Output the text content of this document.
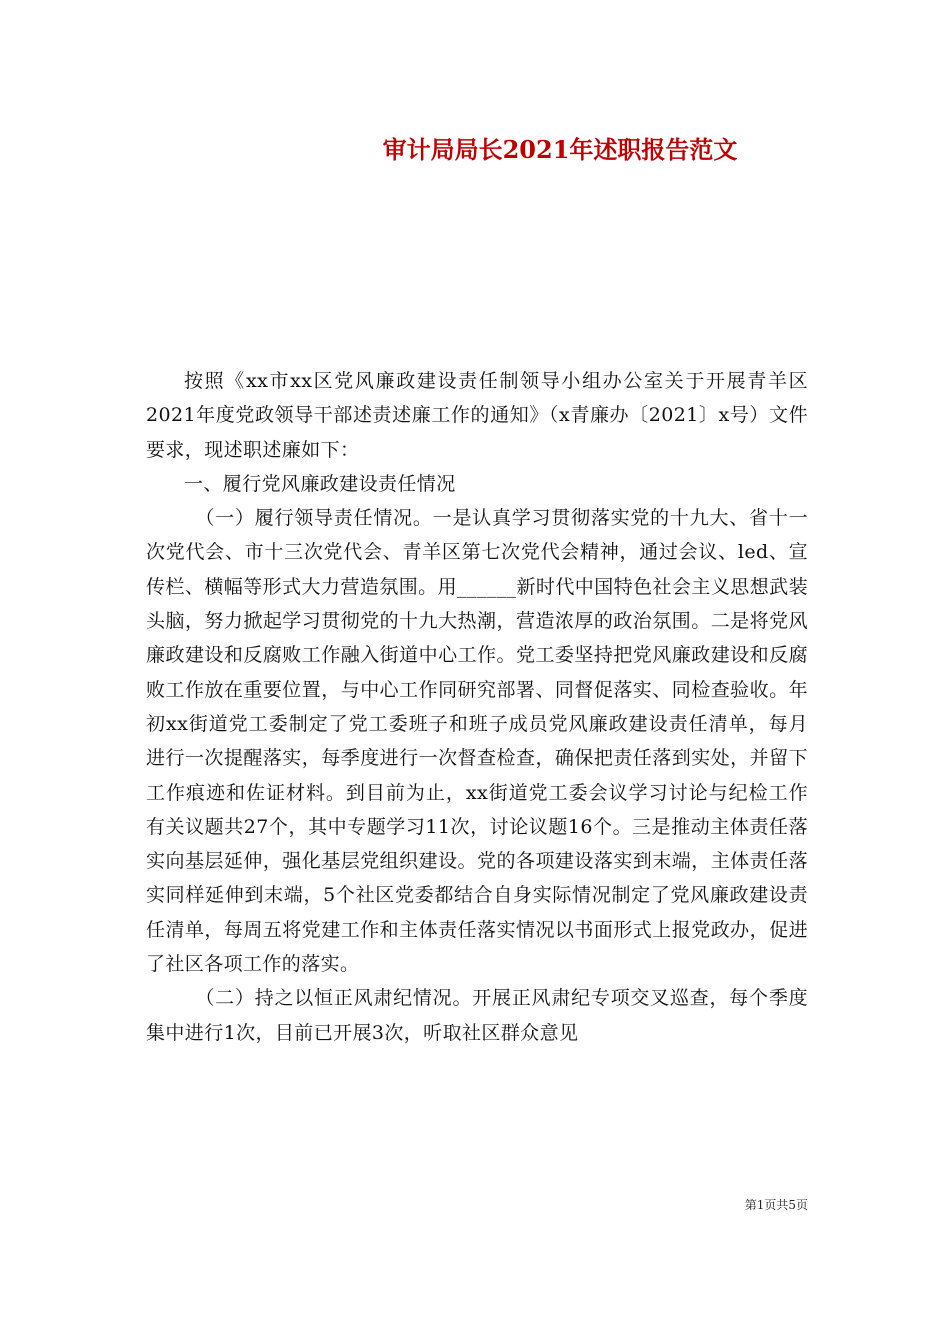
审计局局长2021年述职报告范文

按照《xx市xx区党风廉政建设责任制领导小组办公室关于开展青羊区2021年度党政领导干部述责述廉工作的通知》（x青廉办〔2021〕x号）文件要求，现述职述廉如下：

一、履行党风廉政建设责任情况

（一）履行领导责任情况。一是认真学习贯彻落实党的十九大、省十一次党代会、市十三次党代会、青羊区第七次党代会精神，通过会议、led、宣传栏、横幅等形式大力营造氛围。用______新时代中国特色社会主义思想武装头脑，努力掀起学习贯彻党的十九大热潮，营造浓厚的政治氛围。二是将党风廉政建设和反腐败工作融入街道中心工作。党工委坚持把党风廉政建设和反腐败工作放在重要位置，与中心工作同研究部署、同督促落实、同检查验收。年初xx街道党工委制定了党工委班子和班子成员党风廉政建设责任清单，每月进行一次提醒落实，每季度进行一次督查检查，确保把责任落到实处，并留下工作痕迹和佐证材料。到目前为止，xx街道党工委会议学习讨论与纪检工作有关议题共27个，其中专题学习11次，讨论议题16个。三是推动主体责任落实向基层延伸，强化基层党组织建设。党的各项建设落实到末端，主体责任落实同样延伸到末端，5个社区党委都结合自身实际情况制定了党风廉政建设责任清单，每周五将党建工作和主体责任落实情况以书面形式上报党政办，促进了社区各项工作的落实。

（二）持之以恒正风肃纪情况。开展正风肃纪专项交叉巡查，每个季度集中进行1次，目前已开展3次，听取社区群众意见

第1页共5页
